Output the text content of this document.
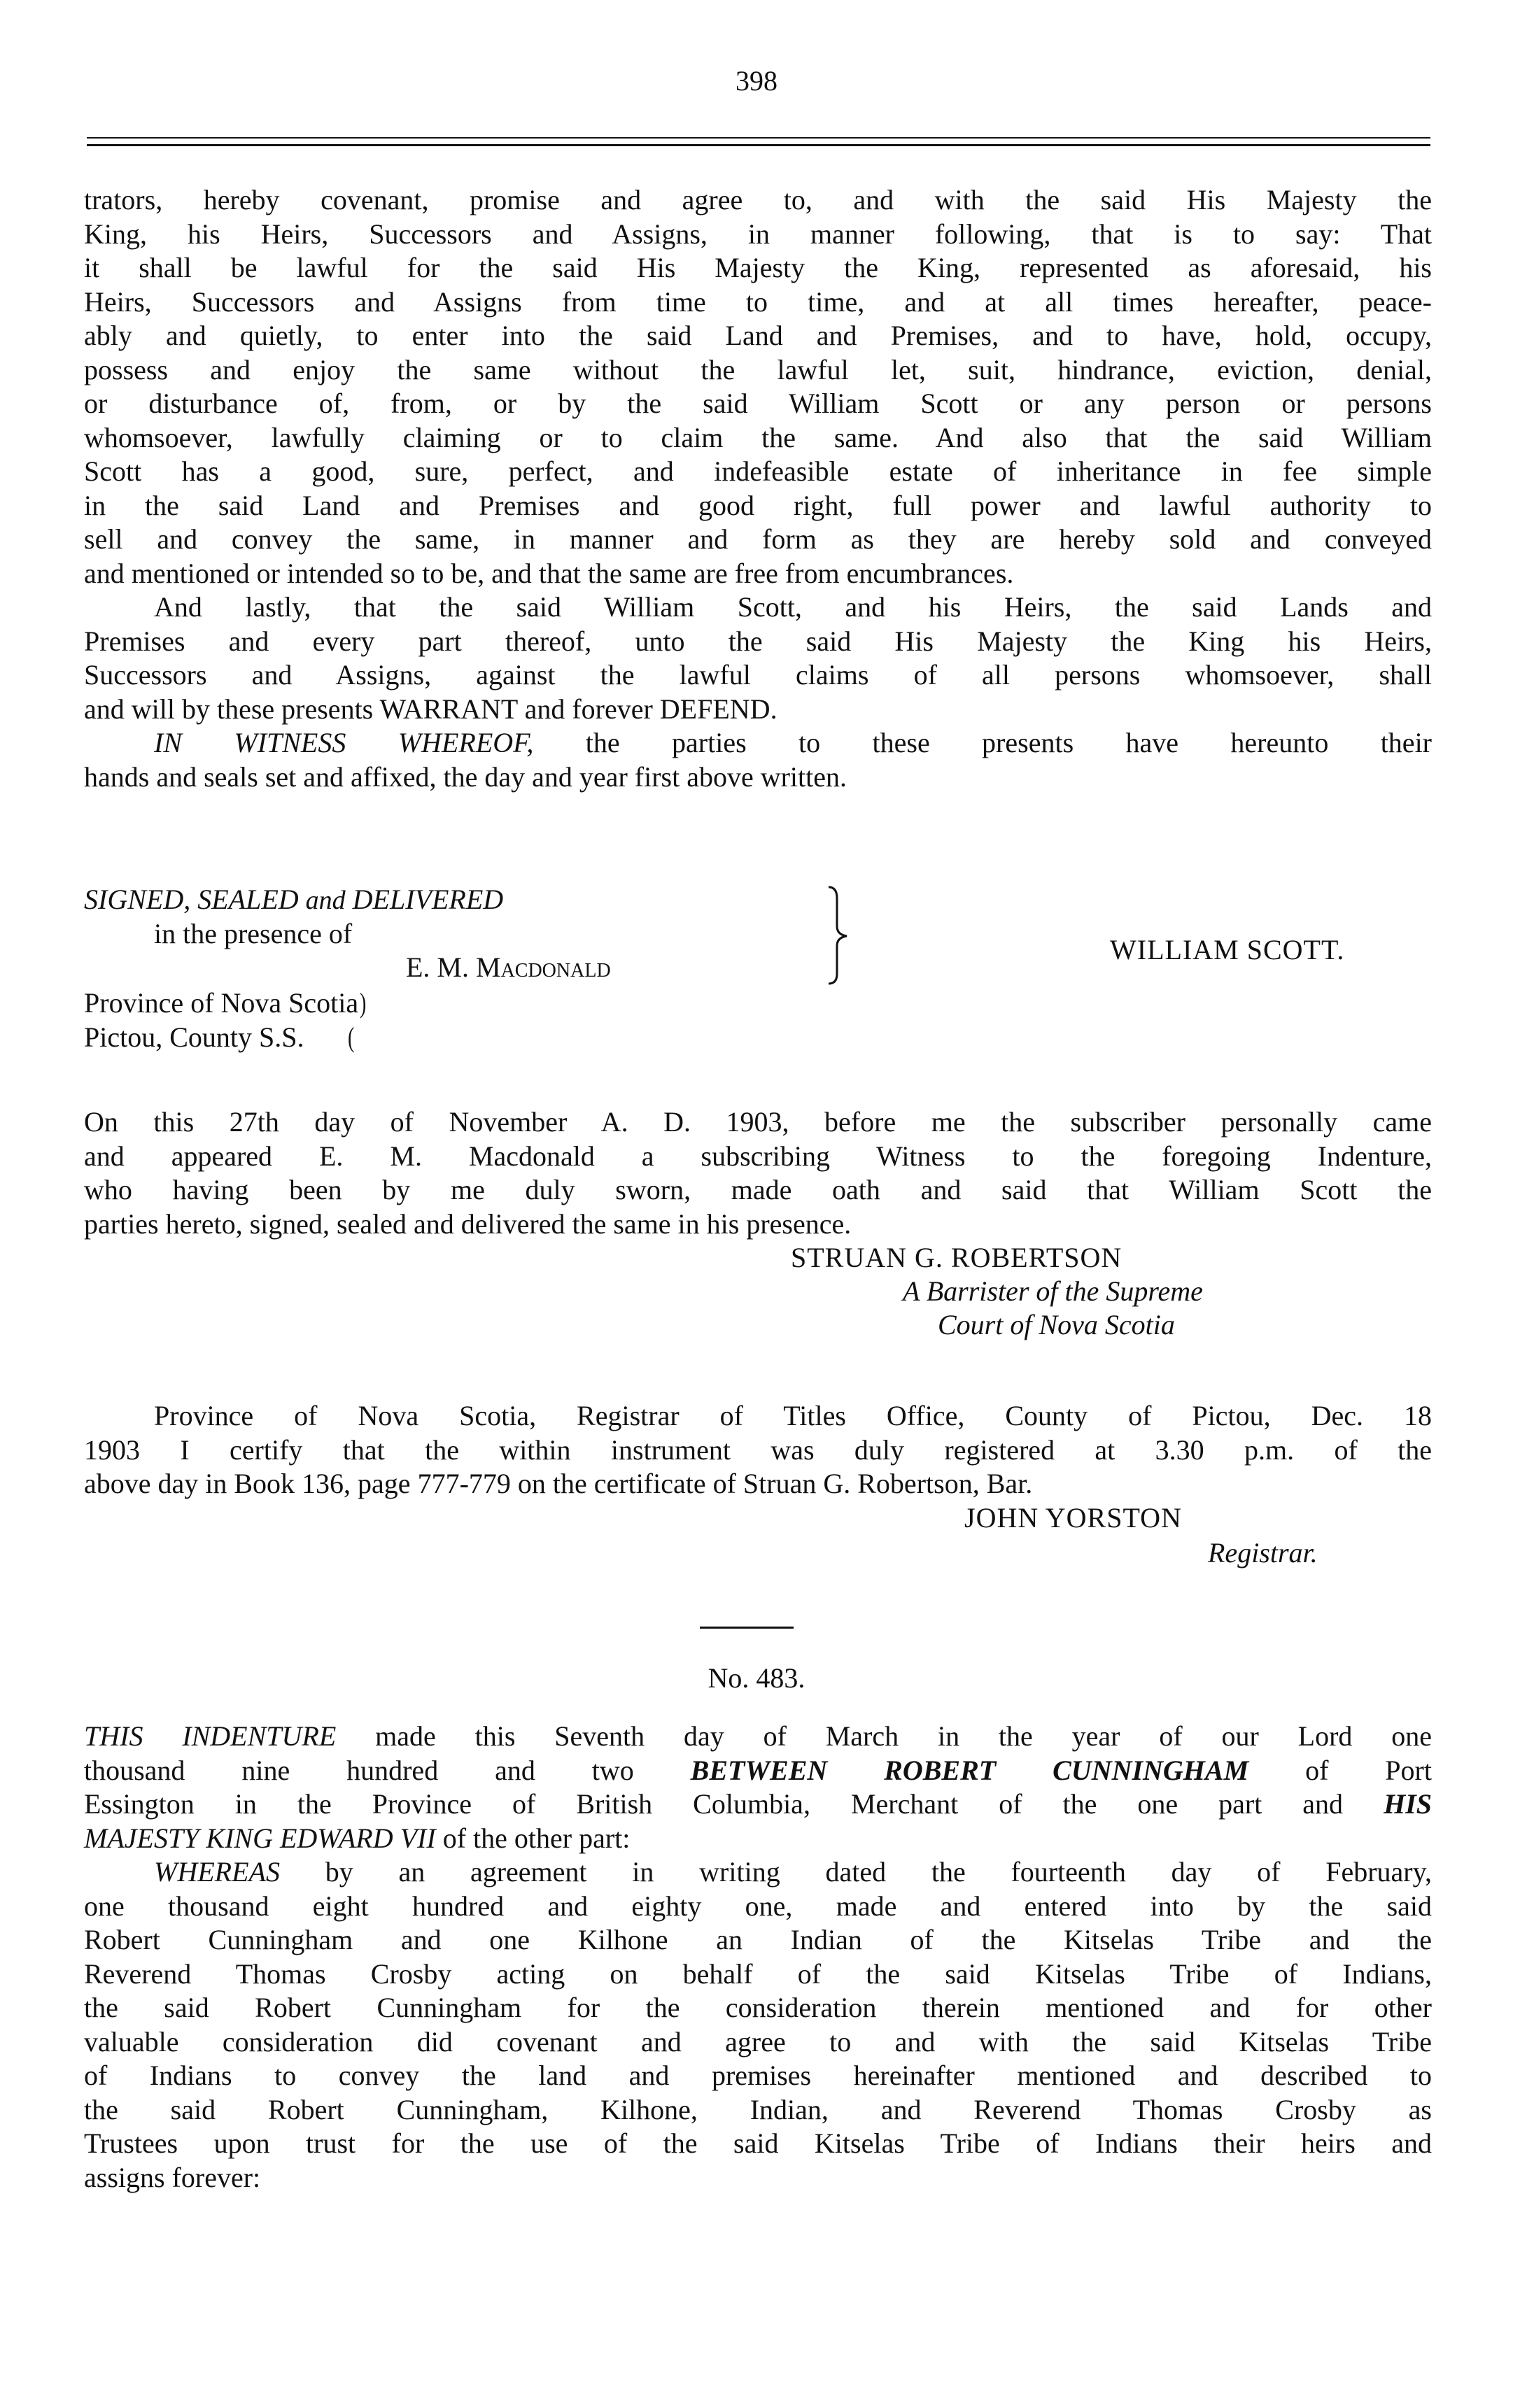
398
trators, hereby covenant, promise and agree to, and with the said His Majesty the
King, his Heirs, Successors and Assigns, in manner following, that is to say: That
it shall be lawful for the said His Majesty the King, represented as aforesaid, his
Heirs, Successors and Assigns from time to time, and at all times hereafter, peace-
ably and quietly, to enter into the said Land and Premises, and to have, hold, occupy,
possess and enjoy the same without the lawful let, suit, hindrance, eviction, denial,
or disturbance of, from, or by the said William Scott or any person or persons
whomsoever, lawfully claiming or to claim the same. And also that the said William
Scott has a good, sure, perfect, and indefeasible estate of inheritance in fee simple
in the said Land and Premises and good right, full power and lawful authority to
sell and convey the same, in manner and form as they are hereby sold and conveyed
and mentioned or intended so to be, and that the same are free from encumbrances.
And lastly, that the said William Scott, and his Heirs, the said Lands and
Premises and every part thereof, unto the said His Majesty the King his Heirs,
Successors and Assigns, against the lawful claims of all persons whomsoever, shall
and will by these presents WARRANT and forever DEFEND.
IN WITNESS WHEREOF, the parties to these presents have hereunto their
hands and seals set and affixed, the day and year first above written.
SIGNED, SEALED and DELIVERED
in the presence of
E. M. Macdonald
WILLIAM SCOTT.
Province of Nova Scotia)
Pictou, County S.S. (
On this 27th day of November A. D. 1903, before me the subscriber personally came
and appeared E. M. Macdonald a subscribing Witness to the foregoing Indenture,
who having been by me duly sworn, made oath and said that William Scott the
parties hereto, signed, sealed and delivered the same in his presence.
STRUAN G. ROBERTSON
A Barrister of the Supreme
Court of Nova Scotia
Province of Nova Scotia, Registrar of Titles Office, County of Pictou, Dec. 18
1903 I certify that the within instrument was duly registered at 3.30 p.m. of the
above day in Book 136, page 777-779 on the certificate of Struan G. Robertson, Bar.
JOHN YORSTON
Registrar.
No. 483.
THIS INDENTURE made this Seventh day of March in the year of our Lord one
thousand nine hundred and two BETWEEN ROBERT CUNNINGHAM of Port
Essington in the Province of British Columbia, Merchant of the one part and HIS
MAJESTY KING EDWARD VII of the other part:
WHEREAS by an agreement in writing dated the fourteenth day of February,
one thousand eight hundred and eighty one, made and entered into by the said
Robert Cunningham and one Kilhone an Indian of the Kitselas Tribe and the
Reverend Thomas Crosby acting on behalf of the said Kitselas Tribe of Indians,
the said Robert Cunningham for the consideration therein mentioned and for other
valuable consideration did covenant and agree to and with the said Kitselas Tribe
of Indians to convey the land and premises hereinafter mentioned and described to
the said Robert Cunningham, Kilhone, Indian, and Reverend Thomas Crosby as
Trustees upon trust for the use of the said Kitselas Tribe of Indians their heirs and
assigns forever:
